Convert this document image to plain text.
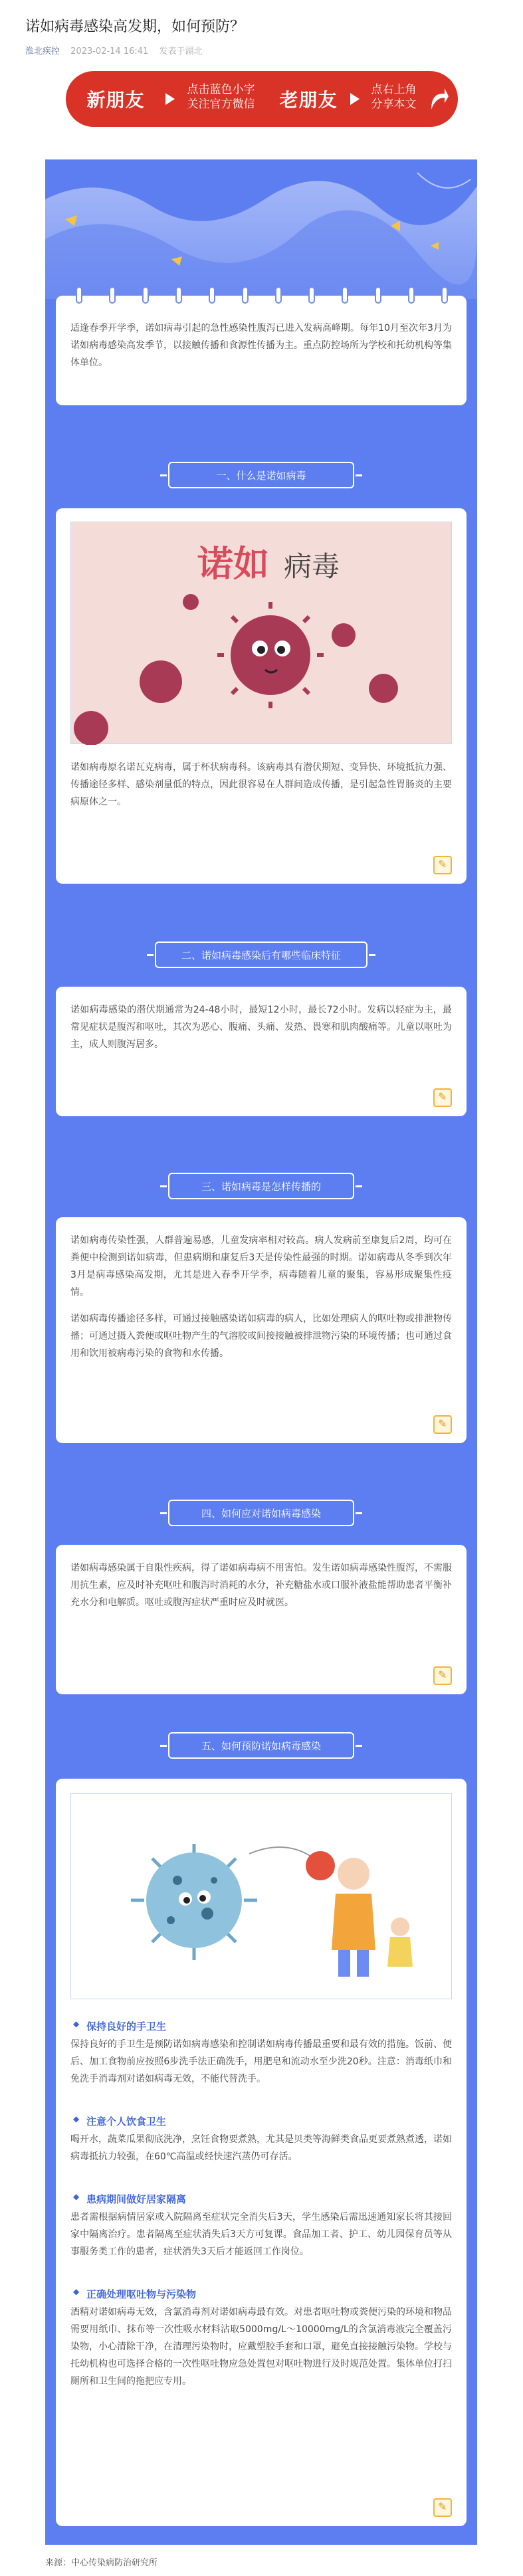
诺如病毒感染高发期，如何预防？
淮北疾控 2023-02-14 16:41 发表于湖北
新朋友	点击蓝色小字
关注官方微信 老朋友	点右上角
分享本文

适逢春季开学季，诺如病毒引起的急性感染性腹泻已进入发病高峰期。每年10月至次年3月为诺如病毒感染高发季节，以接触传播和食源性传播为主。重点防控场所为学校和托幼机构等集体单位。

一、什么是诺如病毒
诺如 病毒

诺如病毒原名诺瓦克病毒，属于杯状病毒科。该病毒具有潜伏期短、变异快、环境抵抗力强、传播途径多样、感染剂量低的特点，因此很容易在人群间造成传播，是引起急性胃肠炎的主要病原体之一。

✎
二、诺如病毒感染后有哪些临床特征

诺如病毒感染的潜伏期通常为24-48小时，最短12小时，最长72小时。发病以轻症为主，最常见症状是腹泻和呕吐，其次为恶心、腹痛、头痛、发热、畏寒和肌肉酸痛等。儿童以呕吐为主，成人则腹泻居多。

✎
三、诺如病毒是怎样传播的

诺如病毒传染性强，人群普遍易感，儿童发病率相对较高。病人发病前至康复后2周，均可在粪便中检测到诺如病毒，但患病期和康复后3天是传染性最强的时期。诺如病毒从冬季到次年3月是病毒感染高发期，尤其是进入春季开学季，病毒随着儿童的聚集，容易形成聚集性疫情。

诺如病毒传播途径多样，可通过接触感染诺如病毒的病人，比如处理病人的呕吐物或排泄物传播；可通过摄入粪便或呕吐物产生的气溶胶或间接接触被排泄物污染的环境传播；也可通过食用和饮用被病毒污染的食物和水传播。

✎
四、如何应对诺如病毒感染

诺如病毒感染属于自限性疾病，得了诺如病毒病不用害怕。发生诺如病毒感染性腹泻，不需服用抗生素，应及时补充呕吐和腹泻时消耗的水分，补充糖盐水或口服补液盐能帮助患者平衡补充水分和电解质。呕吐或腹泻症状严重时应及时就医。

✎
五、如何预防诺如病毒感染
◆ 保持良好的手卫生

保持良好的手卫生是预防诺如病毒感染和控制诺如病毒传播最重要和最有效的措施。饭前、便后、加工食物前应按照6步洗手法正确洗手，用肥皂和流动水至少洗20秒。注意：消毒纸巾和免洗手消毒剂对诺如病毒无效，不能代替洗手。

◆ 注意个人饮食卫生

喝开水，蔬菜瓜果彻底洗净，烹饪食物要煮熟，尤其是贝类等海鲜类食品更要煮熟煮透，诺如病毒抵抗力较强，在60℃高温或经快速汽蒸仍可存活。

◆ 患病期间做好居家隔离

患者需根据病情居家或入院隔离至症状完全消失后3天，学生感染后需迅速通知家长将其接回家中隔离治疗。患者隔离至症状消失后3天方可复课。食品加工者、护工、幼儿园保育员等从事服务类工作的患者，症状消失3天后才能返回工作岗位。

◆ 正确处理呕吐物与污染物

酒精对诺如病毒无效，含氯消毒剂对诺如病毒最有效。对患者呕吐物或粪便污染的环境和物品需要用纸巾、抹布等一次性吸水材料沾取5000mg/L～10000mg/L的含氯消毒液完全覆盖污染物，小心清除干净，在清理污染物时，应戴塑胶手套和口罩，避免直接接触污染物。学校与托幼机构也可选择合格的一次性呕吐物应急处置包对呕吐物进行及时规范处置。集体单位打扫厕所和卫生间的拖把应专用。

✎
来源：中心传染病防治研究所
